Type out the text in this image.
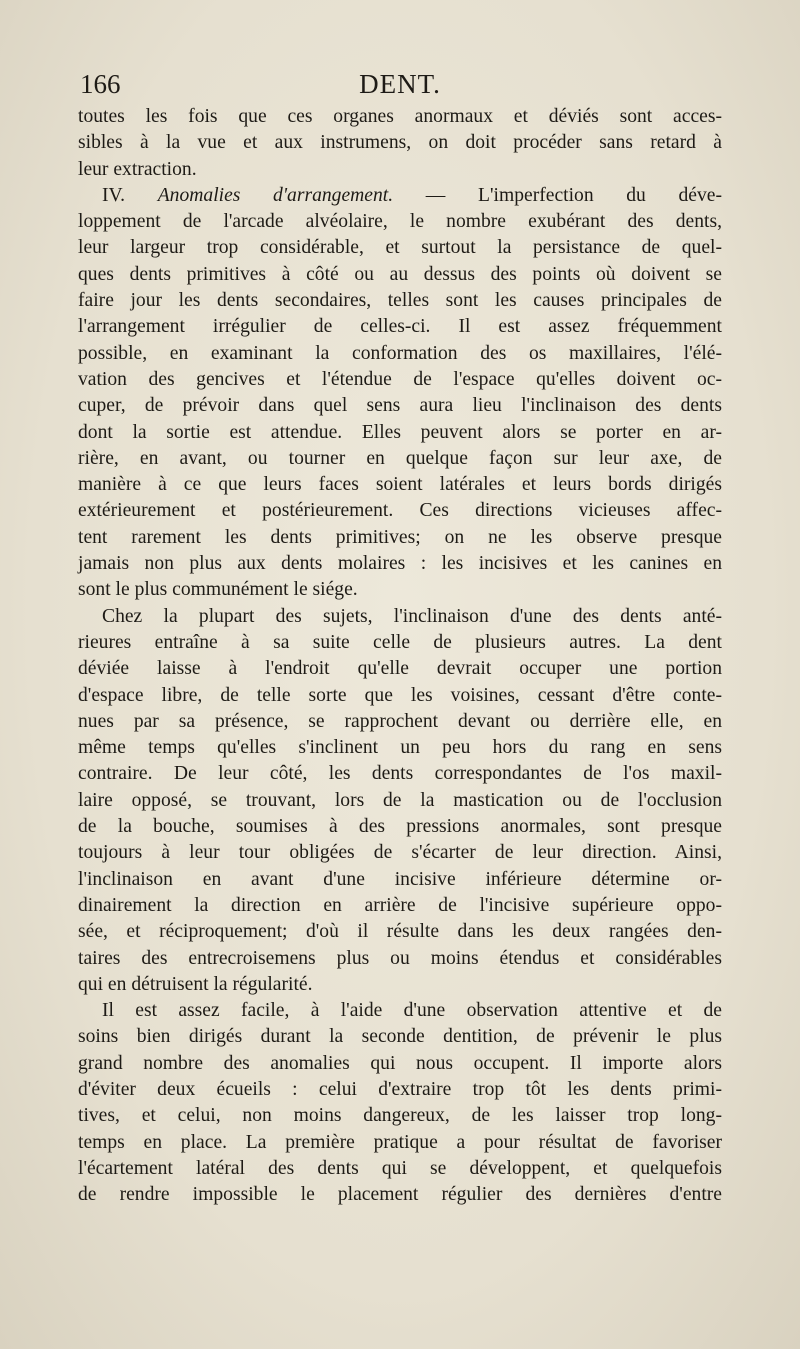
166	DENT.
toutes les fois que ces organes anormaux et déviés sont acces-
sibles à la vue et aux instrumens, on doit procéder sans retard à
leur extraction.
IV. Anomalies d'arrangement. — L'imperfection du déve-
loppement de l'arcade alvéolaire, le nombre exubérant des dents,
leur largeur trop considérable, et surtout la persistance de quel-
ques dents primitives à côté ou au dessus des points où doivent se
faire jour les dents secondaires, telles sont les causes principales de
l'arrangement irrégulier de celles-ci. Il est assez fréquemment
possible, en examinant la conformation des os maxillaires, l'élé-
vation des gencives et l'étendue de l'espace qu'elles doivent oc-
cuper, de prévoir dans quel sens aura lieu l'inclinaison des dents
dont la sortie est attendue. Elles peuvent alors se porter en ar-
rière, en avant, ou tourner en quelque façon sur leur axe, de
manière à ce que leurs faces soient latérales et leurs bords dirigés
extérieurement et postérieurement. Ces directions vicieuses affec-
tent rarement les dents primitives; on ne les observe presque
jamais non plus aux dents molaires : les incisives et les canines en
sont le plus communément le siége.
Chez la plupart des sujets, l'inclinaison d'une des dents anté-
rieures entraîne à sa suite celle de plusieurs autres. La dent
déviée laisse à l'endroit qu'elle devrait occuper une portion
d'espace libre, de telle sorte que les voisines, cessant d'être conte-
nues par sa présence, se rapprochent devant ou derrière elle, en
même temps qu'elles s'inclinent un peu hors du rang en sens
contraire. De leur côté, les dents correspondantes de l'os maxil-
laire opposé, se trouvant, lors de la mastication ou de l'occlusion
de la bouche, soumises à des pressions anormales, sont presque
toujours à leur tour obligées de s'écarter de leur direction. Ainsi,
l'inclinaison en avant d'une incisive inférieure détermine or-
dinairement la direction en arrière de l'incisive supérieure oppo-
sée, et réciproquement; d'où il résulte dans les deux rangées den-
taires des entrecroisemens plus ou moins étendus et considérables
qui en détruisent la régularité.
Il est assez facile, à l'aide d'une observation attentive et de
soins bien dirigés durant la seconde dentition, de prévenir le plus
grand nombre des anomalies qui nous occupent. Il importe alors
d'éviter deux écueils : celui d'extraire trop tôt les dents primi-
tives, et celui, non moins dangereux, de les laisser trop long-
temps en place. La première pratique a pour résultat de favoriser
l'écartement latéral des dents qui se développent, et quelquefois
de rendre impossible le placement régulier des dernières d'entre
